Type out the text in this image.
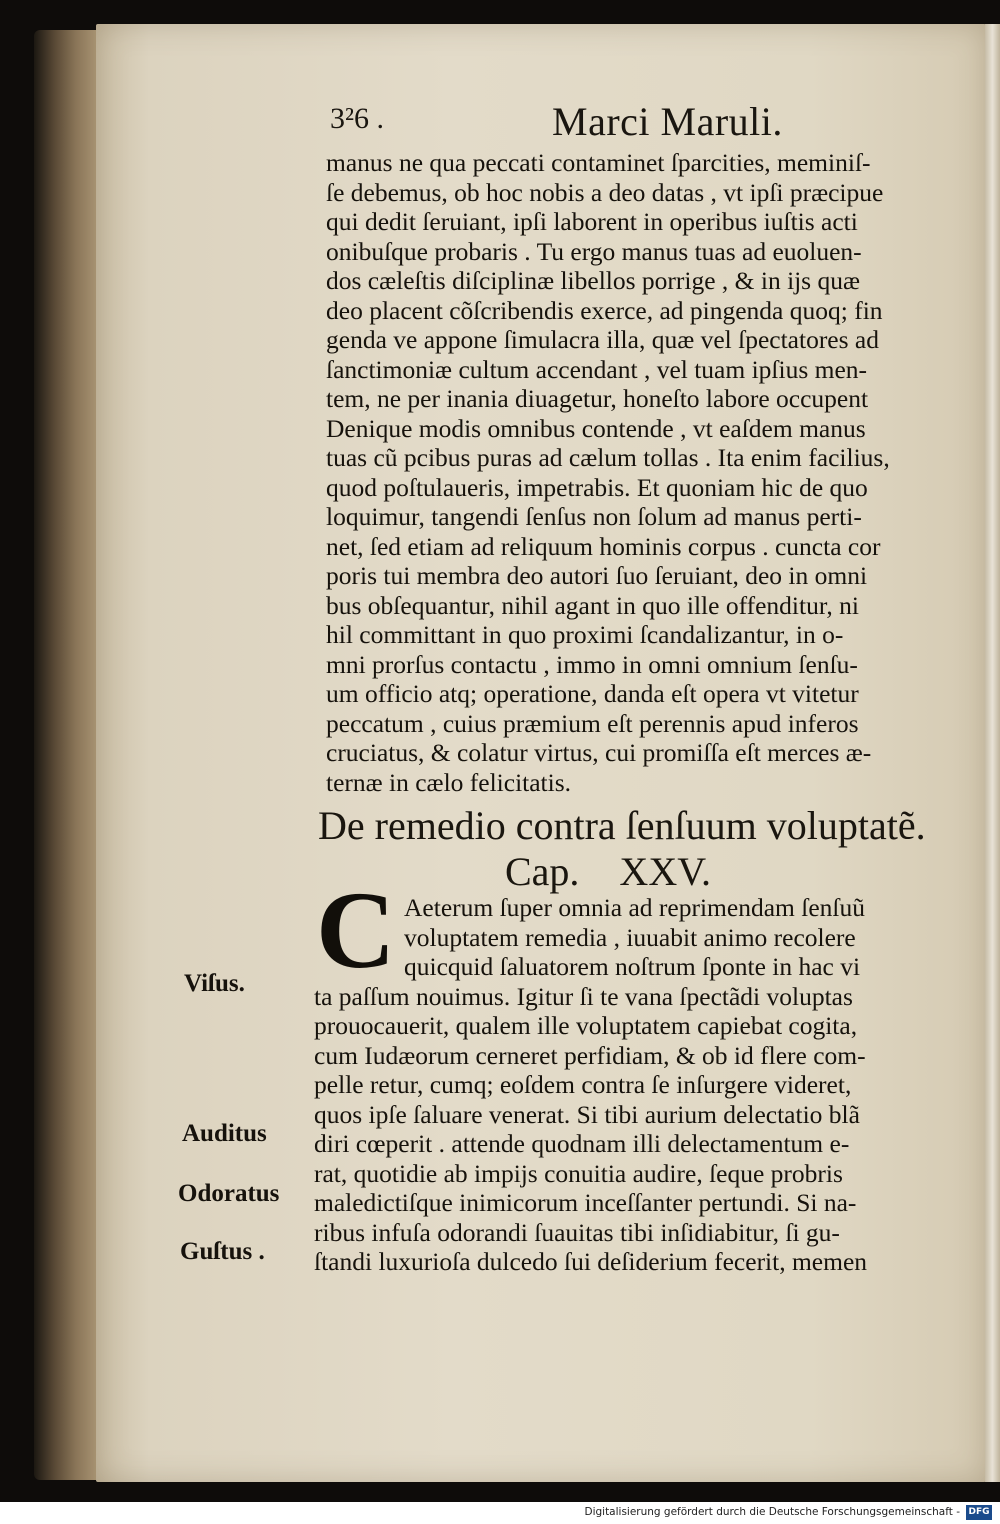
3²6 .	Marci Maruli.
manus ne qua peccati contaminet ſparcities, meminiſ-
ſe debemus, ob hoc nobis a deo datas , vt ipſi præcipue
qui dedit ſeruiant, ipſi laborent in operibus iuſtis acti
onibuſque probaris . Tu ergo manus tuas ad euoluen-
dos cæleſtis diſciplinæ libellos porrige , & in ĳs quæ
deo placent cõſcribendis exerce, ad pingenda quoq; fin
genda ve appone ſimulacra illa, quæ vel ſpectatores ad
ſanctimoniæ cultum accendant , vel tuam ipſius men-
tem, ne per inania diuagetur, honeſto labore occupent
Denique modis omnibus contende , vt eaſdem manus
tuas cũ pcibus puras ad cælum tollas . Ita enim facilius,
quod poſtulaueris, impetrabis. Et quoniam hic de quo
loquimur, tangendi ſenſus non ſolum ad manus perti-
net, ſed etiam ad reliquum hominis corpus . cuncta cor
poris tui membra deo autori ſuo ſeruiant, deo in omni
bus obſequantur, nihil agant in quo ille offenditur, ni
hil committant in quo proximi ſcandalizantur, in o-
mni prorſus contactu , immo in omni omnium ſenſu-
um officio atq; operatione, danda eſt opera vt vitetur
peccatum , cuius præmium eſt perennis apud inferos
cruciatus, & colatur virtus, cui promiſſa eſt merces æ-
ternæ in cælo felicitatis.
De remedio contra ſenſuum voluptatẽ.
Cap. XXV.
C Aeterum ſuper omnia ad reprimendam ſenſuũ
voluptatem remedia , iuuabit animo recolere
quicquid ſaluatorem noſtrum ſponte in hac vi
ta paſſum nouimus. Igitur ſi te vana ſpectãdi voluptas
prouocauerit, qualem ille voluptatem capiebat cogita,
cum Iudæorum cerneret perfidiam, & ob id flere com-
pelle retur, cumq; eoſdem contra ſe inſurgere videret,
quos ipſe ſaluare venerat. Si tibi aurium delectatio blã
diri cœperit . attende quodnam illi delectamentum e-
rat, quotidie ab impĳs conuitia audire, ſeque probris
maledictiſque inimicorum inceſſanter pertundi. Si na-
ribus infuſa odorandi ſuauitas tibi inſidiabitur, ſi gu-
ſtandi luxurioſa dulcedo ſui deſiderium fecerit, memen
Viſus.
Auditus
Odoratus
Guſtus .
Digitalisierung gefördert durch die Deutsche Forschungsgemeinschaft - DFG
